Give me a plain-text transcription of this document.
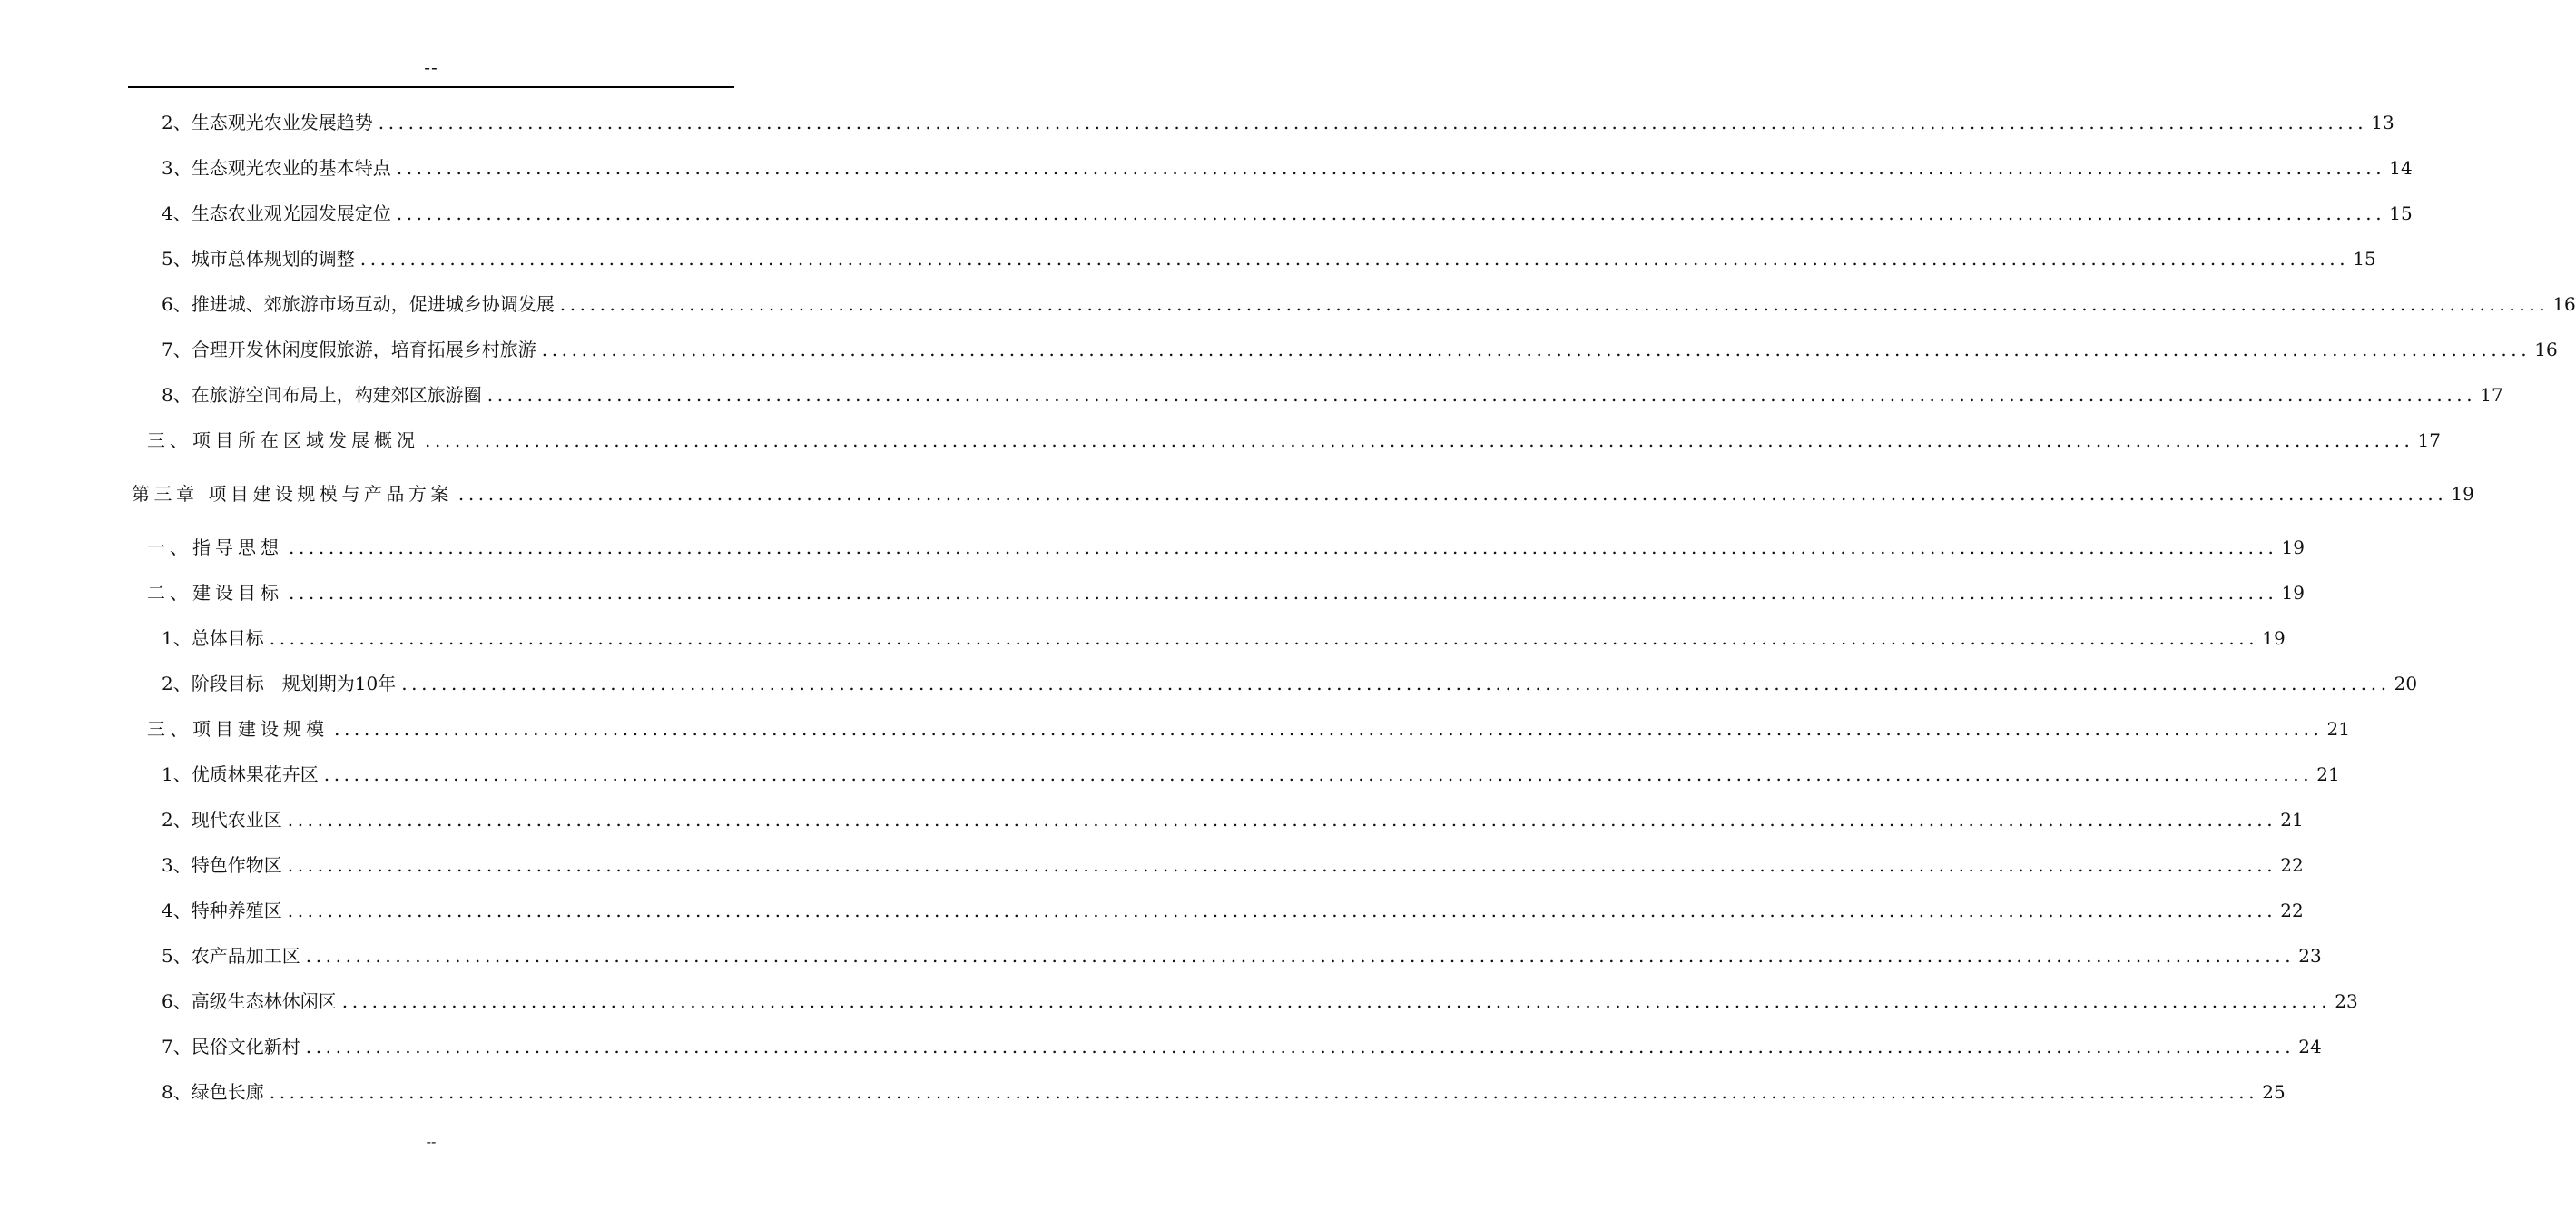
--
2、生态观光农业发展趋势 ........................................................................................................................................................................................................ 13
3、生态观光农业的基本特点 ........................................................................................................................................................................................................ 14
4、生态农业观光园发展定位 ........................................................................................................................................................................................................ 15
5、城市总体规划的调整 ........................................................................................................................................................................................................ 15
6、推进城、郊旅游市场互动，促进城乡协调发展 ........................................................................................................................................................................................................ 16
7、合理开发休闲度假旅游，培育拓展乡村旅游 ........................................................................................................................................................................................................ 16
8、在旅游空间布局上，构建郊区旅游圈 ........................................................................................................................................................................................................ 17
三、项目所在区域发展概况 ........................................................................................................................................................................................................ 17
第三章 项目建设规模与产品方案 ........................................................................................................................................................................................................ 19
一、指导思想 ........................................................................................................................................................................................................ 19
二、建设目标 ........................................................................................................................................................................................................ 19
1、总体目标 ........................................................................................................................................................................................................ 19
2、阶段目标　规划期为10年 ........................................................................................................................................................................................................ 20
三、项目建设规模 ........................................................................................................................................................................................................ 21
1、优质林果花卉区 ........................................................................................................................................................................................................ 21
2、现代农业区 ........................................................................................................................................................................................................ 21
3、特色作物区 ........................................................................................................................................................................................................ 22
4、特种养殖区 ........................................................................................................................................................................................................ 22
5、农产品加工区 ........................................................................................................................................................................................................ 23
6、高级生态林休闲区 ........................................................................................................................................................................................................ 23
7、民俗文化新村 ........................................................................................................................................................................................................ 24
8、绿色长廊 ........................................................................................................................................................................................................ 25
--
